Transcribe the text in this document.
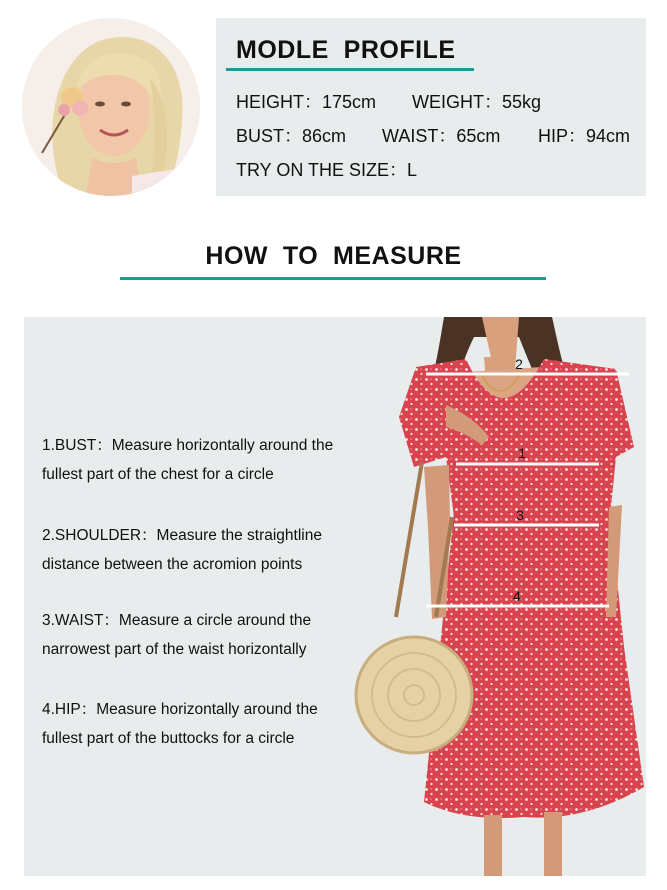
MODLE  PROFILE
HEIGHT：175cm WEIGHT：55kg
BUST：86cm WAIST：65cm HIP：94cm
TRY ON THE SIZE：L
HOW  TO  MEASURE
1.BUST：Measure horizontally around the
fullest part of the chest for a circle
2.SHOULDER：Measure the straightline
distance between the acromion points
3.WAIST：Measure a circle around the
narrowest part of the waist horizontally
4.HIP：Measure horizontally around the
fullest part of the buttocks for a circle
2
1
3
4
